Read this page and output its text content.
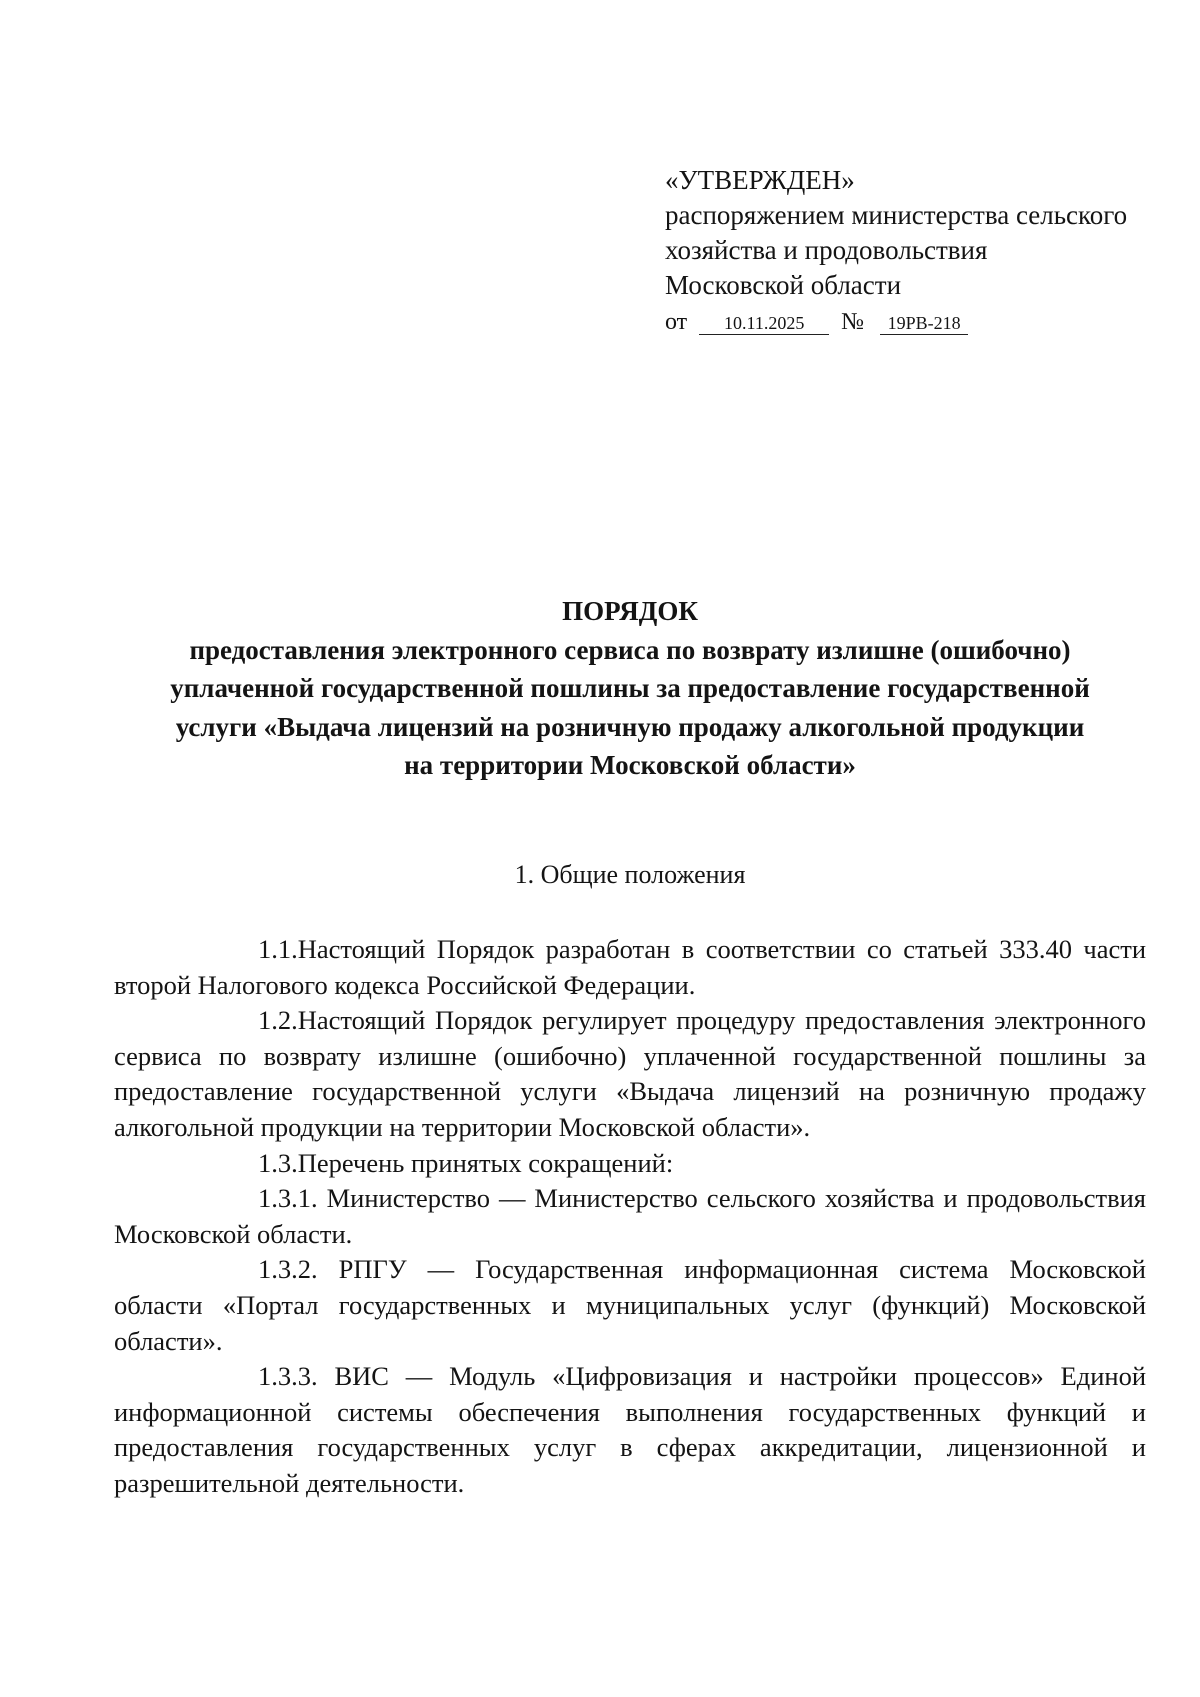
«УТВЕРЖДЕН»
распоряжением министерства сельского
хозяйства и продовольствия
Московской области
от 10.11.2025 № 19РВ-218
ПОРЯДОК
предоставления электронного сервиса по возврату излишне (ошибочно)
уплаченной государственной пошлины за предоставление государственной
услуги «Выдача лицензий на розничную продажу алкогольной продукции
на территории Московской области»
1. Общие положения

1.1.Настоящий Порядок разработан в соответствии со статьей 333.40 части второй Налогового кодекса Российской Федерации.

1.2.Настоящий Порядок регулирует процедуру предоставления электронного сервиса по возврату излишне (ошибочно) уплаченной государственной пошлины за предоставление государственной услуги «Выдача лицензий на розничную продажу алкогольной продукции на территории Московской области».

1.3.Перечень принятых сокращений:

1.3.1. Министерство — Министерство сельского хозяйства и продовольствия Московской области.

1.3.2. РПГУ — Государственная информационная система Московской области «Портал государственных и муниципальных услуг (функций) Московской области».

1.3.3. ВИС — Модуль «Цифровизация и настройки процессов» Единой информационной системы обеспечения выполнения государственных функций и предоставления государственных услуг в сферах аккредитации, лицензионной и разрешительной деятельности.
